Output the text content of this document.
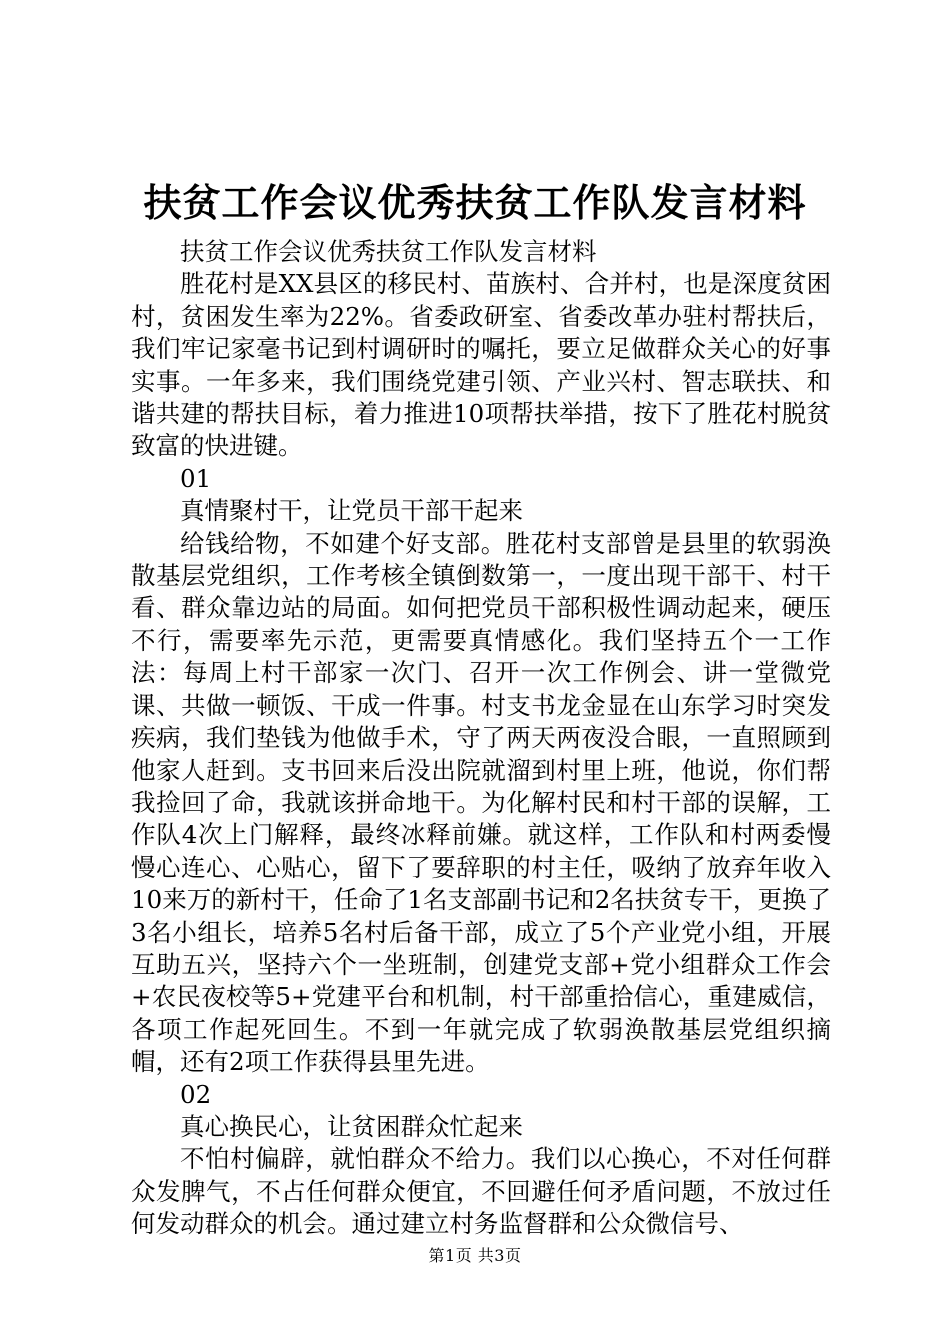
扶贫工作会议优秀扶贫工作队发言材料

扶贫工作会议优秀扶贫工作队发言材料

胜花村是XX县区的移民村、苗族村、合并村，也是深度贫困村，贫困发生率为22%。省委政研室、省委改革办驻村帮扶后，我们牢记家毫书记到村调研时的嘱托，要立足做群众关心的好事实事。一年多来，我们围绕党建引领、产业兴村、智志联扶、和谐共建的帮扶目标，着力推进10项帮扶举措，按下了胜花村脱贫致富的快进键。

01

真情聚村干，让党员干部干起来

给钱给物，不如建个好支部。胜花村支部曾是县里的软弱涣散基层党组织，工作考核全镇倒数第一，一度出现干部干、村干看、群众靠边站的局面。如何把党员干部积极性调动起来，硬压不行，需要率先示范，更需要真情感化。我们坚持五个一工作法：每周上村干部家一次门、召开一次工作例会、讲一堂微党课、共做一顿饭、干成一件事。村支书龙金显在山东学习时突发疾病，我们垫钱为他做手术，守了两天两夜没合眼，一直照顾到他家人赶到。支书回来后没出院就溜到村里上班，他说，你们帮我捡回了命，我就该拼命地干。为化解村民和村干部的误解，工作队4次上门解释，最终冰释前嫌。就这样，工作队和村两委慢慢心连心、心贴心，留下了要辞职的村主任，吸纳了放弃年收入10来万的新村干，任命了1名支部副书记和2名扶贫专干，更换了3名小组长，培养5名村后备干部，成立了5个产业党小组，开展互助五兴，坚持六个一坐班制，创建党支部+党小组群众工作会+农民夜校等5+党建平台和机制，村干部重拾信心，重建威信，各项工作起死回生。不到一年就完成了软弱涣散基层党组织摘帽，还有2项工作获得县里先进。

02

真心换民心，让贫困群众忙起来

不怕村偏辟，就怕群众不给力。我们以心换心，不对任何群众发脾气，不占任何群众便宜，不回避任何矛盾问题，不放过任何发动群众的机会。通过建立村务监督群和公众微信号、

第1页 共3页
